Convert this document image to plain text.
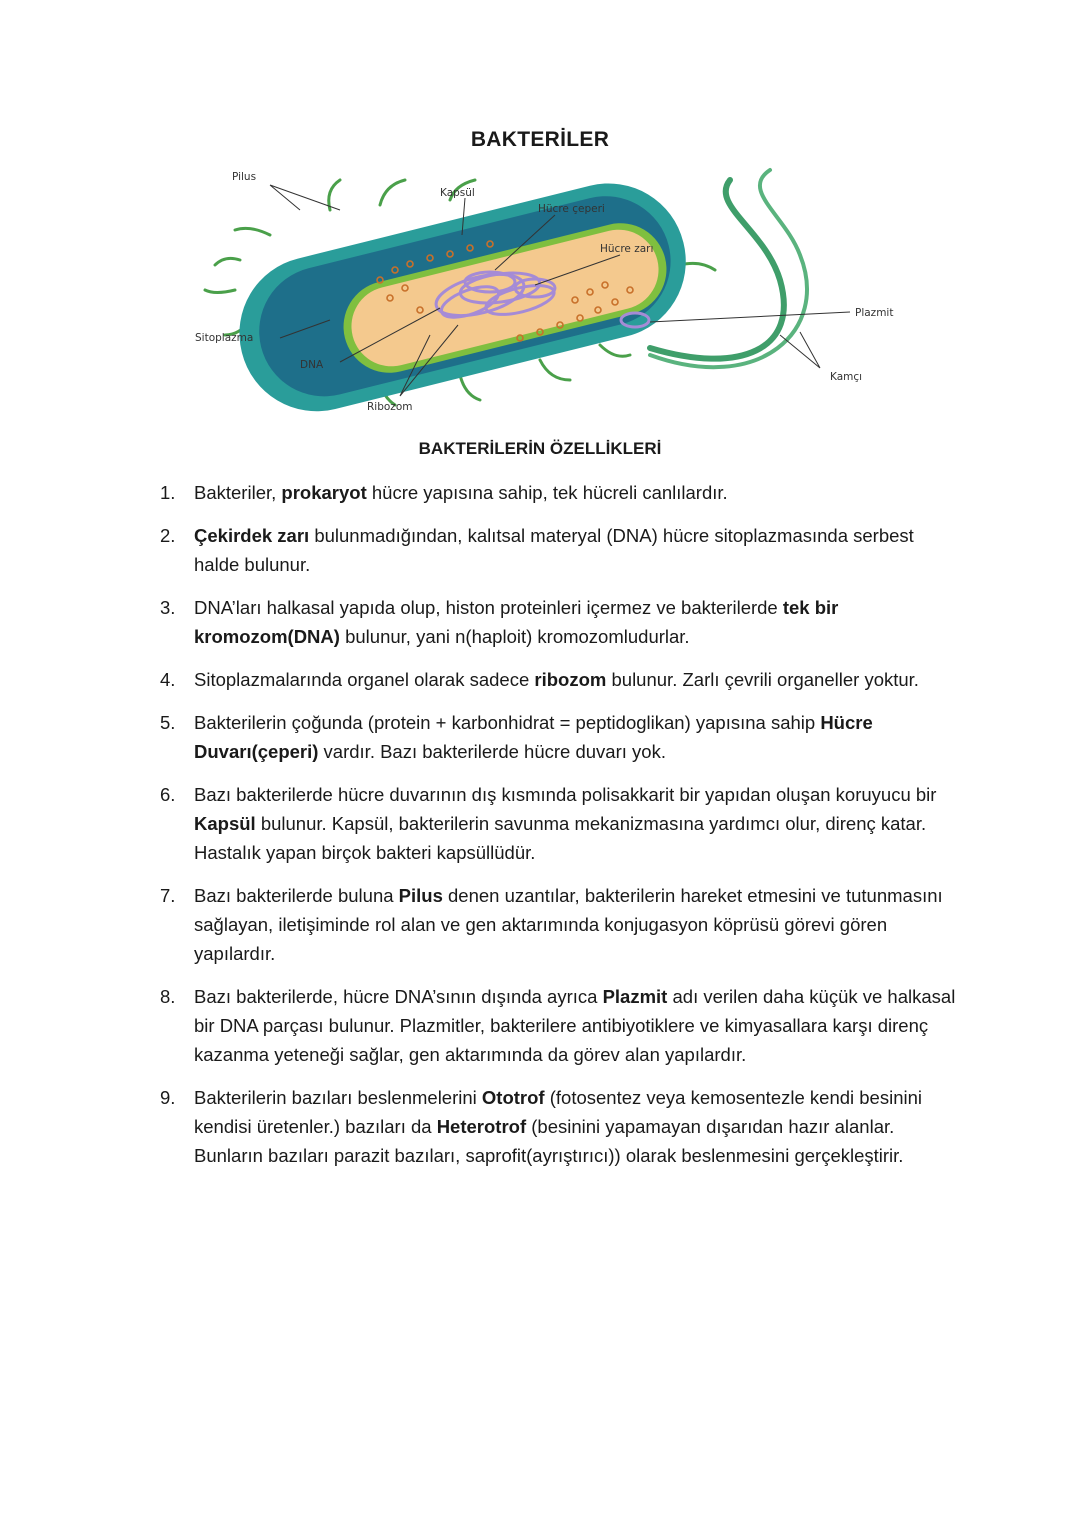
BAKTERİLER
Pilus
Kapsül
Hücre çeperi
Hücre zarı
Plazmit
Sitoplazma
DNA
Ribozom
Kamçı
BAKTERİLERİN ÖZELLİKLERİ
1. Bakteriler, prokaryot hücre yapısına sahip, tek hücreli canlılardır.
2. Çekirdek zarı bulunmadığından, kalıtsal materyal (DNA) hücre sitoplazmasında serbest halde bulunur.
3. DNA’ları halkasal yapıda olup, histon proteinleri içermez ve bakterilerde tek bir kromozom(DNA) bulunur, yani n(haploit) kromozomludurlar.
4. Sitoplazmalarında organel olarak sadece ribozom bulunur. Zarlı çevrili organeller yoktur.
5. Bakterilerin çoğunda (protein + karbonhidrat = peptidoglikan) yapısına sahip Hücre Duvarı(çeperi) vardır. Bazı bakterilerde hücre duvarı yok.
6. Bazı bakterilerde hücre duvarının dış kısmında polisakkarit bir yapıdan oluşan koruyucu bir Kapsül bulunur. Kapsül, bakterilerin savunma mekanizmasına yardımcı olur, direnç katar. Hastalık yapan birçok bakteri kapsüllüdür.
7. Bazı bakterilerde buluna Pilus denen uzantılar, bakterilerin hareket etmesini ve tutunmasını sağlayan, iletişiminde rol alan ve gen aktarımında konjugasyon köprüsü görevi gören yapılardır.
8. Bazı bakterilerde, hücre DNA’sının dışında ayrıca Plazmit adı verilen daha küçük ve halkasal bir DNA parçası bulunur. Plazmitler, bakterilere antibiyotiklere ve kimyasallara karşı direnç kazanma yeteneği sağlar, gen aktarımında da görev alan yapılardır.
9. Bakterilerin bazıları beslenmelerini Ototrof (fotosentez veya kemosentezle kendi besinini kendisi üretenler.) bazıları da Heterotrof (besinini yapamayan dışarıdan hazır alanlar. Bunların bazıları parazit bazıları, saprofit(ayrıştırıcı)) olarak beslenmesini gerçekleştirir.
